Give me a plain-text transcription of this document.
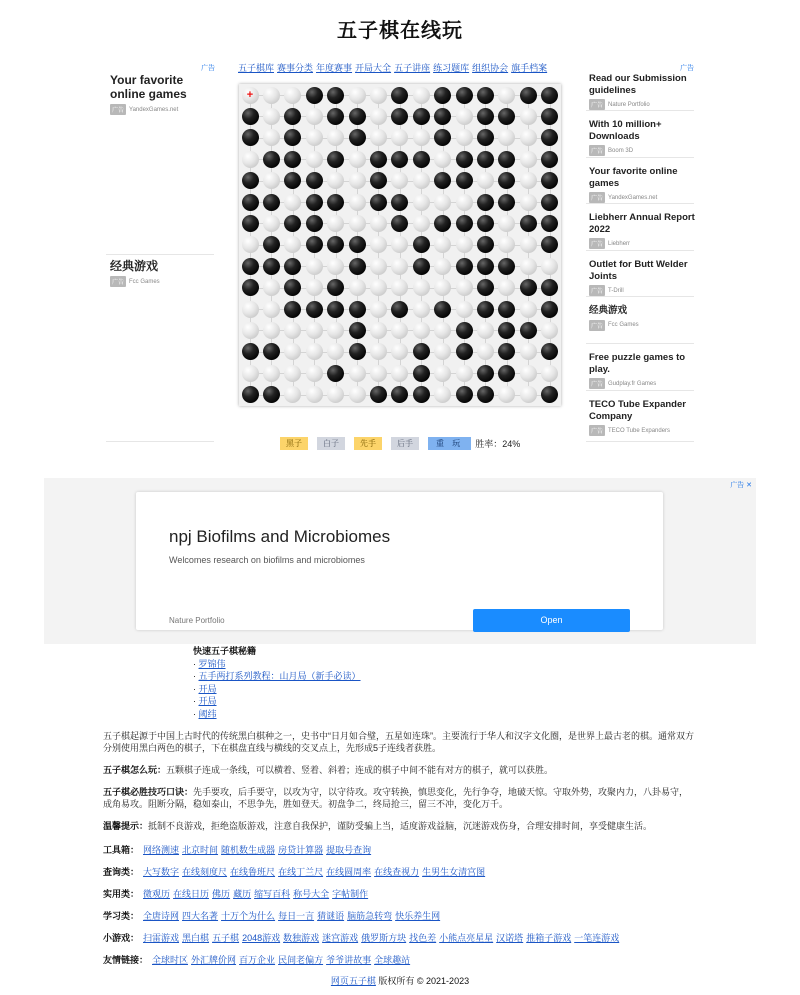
五子棋在线玩
广告
Your favorite online games
广告 YandexGames.net
经典游戏
广告 Fcc Games
五子棋库 赛事分类 年度赛事 开局大全 五子讲座 练习题库 组织协会 旗手档案
+
黑子	白子	先手	后手	重 玩	胜率：24%
广告
Read our Submission guidelines
广告 Nature Portfolio
With 10 million+ Downloads
广告 Boom 3D
Your favorite online games
广告 YandexGames.net
Liebherr Annual Report 2022
广告 Liebherr
Outlet for Butt Welder Joints
广告 T-Drill
经典游戏
广告 Fcc Games
Free puzzle games to play.
广告 Gudplay.fr Games
TECO Tube Expander Company
广告 TECO Tube Expanders
广告 ✕
npj Biofilms and Microbiomes
Welcomes research on biofilms and microbiomes
Nature Portfolio	Open
快速五子棋秘籍
· 罗锦伟
· 五手两打系列教程：山月局（新手必读）
· 开局
· 开局
· 阈纬
五子棋起源于中国上古时代的传统黑白棋种之一，史书中“日月如合璧，五星如连珠”。主要流行于华人和汉字文化圈，是世界上最古老的棋。通常双方分别使用黑白两色的棋子，下在棋盘直线与横线的交叉点上，先形成5子连线者获胜。
五子棋怎么玩：五颗棋子连成一条线，可以横着、竖着、斜着；连成的棋子中间不能有对方的棋子，就可以获胜。
五子棋必胜技巧口诀：先手要攻，后手要守，以攻为守，以守待攻。攻守转换，慎思变化，先行争夺，地破天惊。守取外势，攻聚内力，八卦易守，成角易攻。阻断分隔，稳如泰山，不思争先，胜如登天。初盘争二，终局抢三，留三不冲，变化万千。
温馨提示：抵制不良游戏，拒绝盗版游戏，注意自我保护，谨防受骗上当，适度游戏益脑，沉迷游戏伤身，合理安排时间，享受健康生活。
工具箱： 网络测速 北京时间 随机数生成器 房贷计算器 提取号查询
查询类： 大写数字 在线刻度尺 在线鲁班尺 在线丁兰尺 在线圆周率 在线查视力 生男生女清宫图
实用类： 微观历 在线日历 佛历 藏历 缩写百科 称号大全 字帖制作
学习类： 全唐诗网 四大名著 十万个为什么 每日一言 猜谜语 脑筋急转弯 快乐养生网
小游戏： 扫雷游戏 黑白棋 五子棋 2048游戏 数独游戏 迷宫游戏 俄罗斯方块 找色差 小熊点亮星星 汉诺塔 推箱子游戏 一笔连游戏
友情链接： 全球时区 外汇牌价网 百万企业 民间老偏方 爷爷讲故事 全球趣站
网页五子棋 版权所有 © 2021-2023
